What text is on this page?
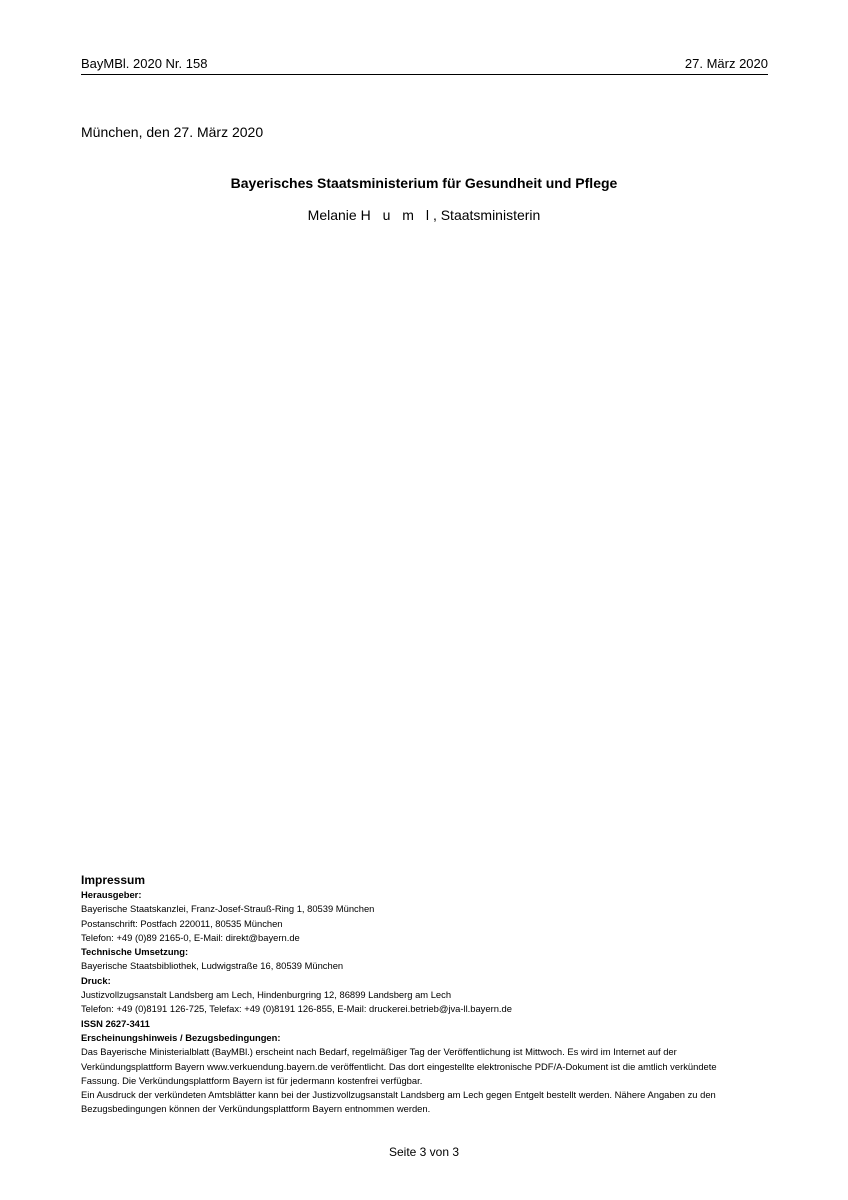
BayMBl. 2020 Nr. 158	27. März 2020
München, den 27. März 2020
Bayerisches Staatsministerium für Gesundheit und Pflege
Melanie H u m l, Staatsministerin
Impressum
Herausgeber:
Bayerische Staatskanzlei, Franz-Josef-Strauß-Ring 1, 80539 München
Postanschrift: Postfach 220011, 80535 München
Telefon: +49 (0)89 2165-0, E-Mail: direkt@bayern.de
Technische Umsetzung:
Bayerische Staatsbibliothek, Ludwigstraße 16, 80539 München
Druck:
Justizvollzugsanstalt Landsberg am Lech, Hindenburgring 12, 86899 Landsberg am Lech
Telefon: +49 (0)8191 126-725, Telefax: +49 (0)8191 126-855, E-Mail: druckerei.betrieb@jva-ll.bayern.de
ISSN 2627-3411
Erscheinungshinweis / Bezugsbedingungen:
Das Bayerische Ministerialblatt (BayMBl.) erscheint nach Bedarf, regelmäßiger Tag der Veröffentlichung ist Mittwoch. Es wird im Internet auf der
Verkündungsplattform Bayern www.verkuendung.bayern.de veröffentlicht. Das dort eingestellte elektronische PDF/A-Dokument ist die amtlich verkündete
Fassung. Die Verkündungsplattform Bayern ist für jedermann kostenfrei verfügbar.
Ein Ausdruck der verkündeten Amtsblätter kann bei der Justizvollzugsanstalt Landsberg am Lech gegen Entgelt bestellt werden. Nähere Angaben zu den
Bezugsbedingungen können der Verkündungsplattform Bayern entnommen werden.
Seite 3 von 3
